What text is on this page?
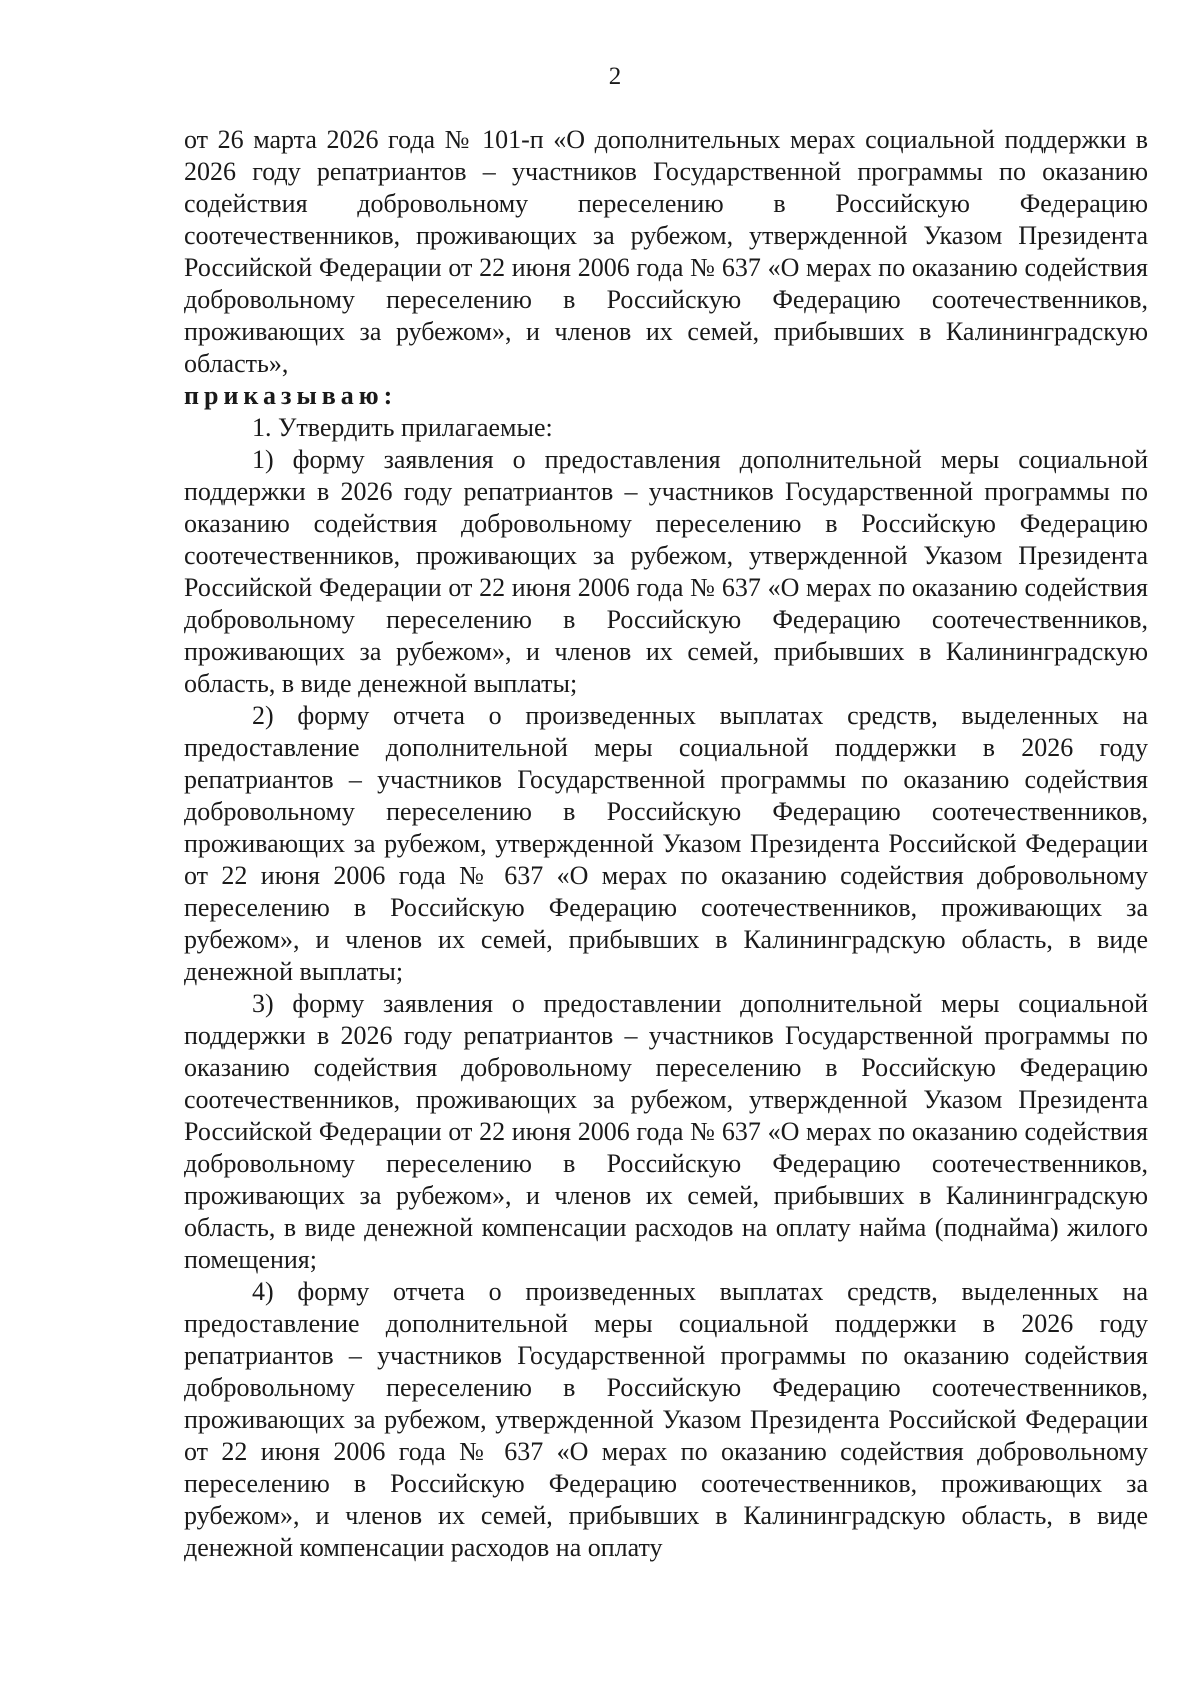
2

от 26 марта 2026 года № 101-п «О дополнительных мерах социальной поддержки в 2026 году репатриантов – участников Государственной программы по оказанию содействия добровольному переселению в Российскую Федерацию соотечественников, проживающих за рубежом, утвержденной Указом Президента Российской Федерации от 22 июня 2006 года № 637 «О мерах по оказанию содействия добровольному переселению в Российскую Федерацию соотечественников, проживающих за рубежом», и членов их семей, прибывших в Калининградскую область»,

приказываю:

1. Утвердить прилагаемые:

1) форму заявления о предоставления дополнительной меры социальной поддержки в 2026 году репатриантов – участников Государственной программы по оказанию содействия добровольному переселению в Российскую Федерацию соотечественников, проживающих за рубежом, утвержденной Указом Президента Российской Федерации от 22 июня 2006 года № 637 «О мерах по оказанию содействия добровольному переселению в Российскую Федерацию соотечественников, проживающих за рубежом», и членов их семей, прибывших в Калининградскую область, в виде денежной выплаты;

2) форму отчета о произведенных выплатах средств, выделенных на предоставление дополнительной меры социальной поддержки в 2026 году репатриантов – участников Государственной программы по оказанию содействия добровольному переселению в Российскую Федерацию соотечественников, проживающих за рубежом, утвержденной Указом Президента Российской Федерации от 22 июня 2006 года № 637 «О мерах по оказанию содействия добровольному переселению в Российскую Федерацию соотечественников, проживающих за рубежом», и членов их семей, прибывших в Калининградскую область, в виде денежной выплаты;

3) форму заявления о предоставлении дополнительной меры социальной поддержки в 2026 году репатриантов – участников Государственной программы по оказанию содействия добровольному переселению в Российскую Федерацию соотечественников, проживающих за рубежом, утвержденной Указом Президента Российской Федерации от 22 июня 2006 года № 637 «О мерах по оказанию содействия добровольному переселению в Российскую Федерацию соотечественников, проживающих за рубежом», и членов их семей, прибывших в Калининградскую область, в виде денежной компенсации расходов на оплату найма (поднайма) жилого помещения;

4) форму отчета о произведенных выплатах средств, выделенных на предоставление дополнительной меры социальной поддержки в 2026 году репатриантов – участников Государственной программы по оказанию содействия добровольному переселению в Российскую Федерацию соотечественников, проживающих за рубежом, утвержденной Указом Президента Российской Федерации от 22 июня 2006 года № 637 «О мерах по оказанию содействия добровольному переселению в Российскую Федерацию соотечественников, проживающих за рубежом», и членов их семей, прибывших в Калининградскую область, в виде денежной компенсации расходов на оплату
